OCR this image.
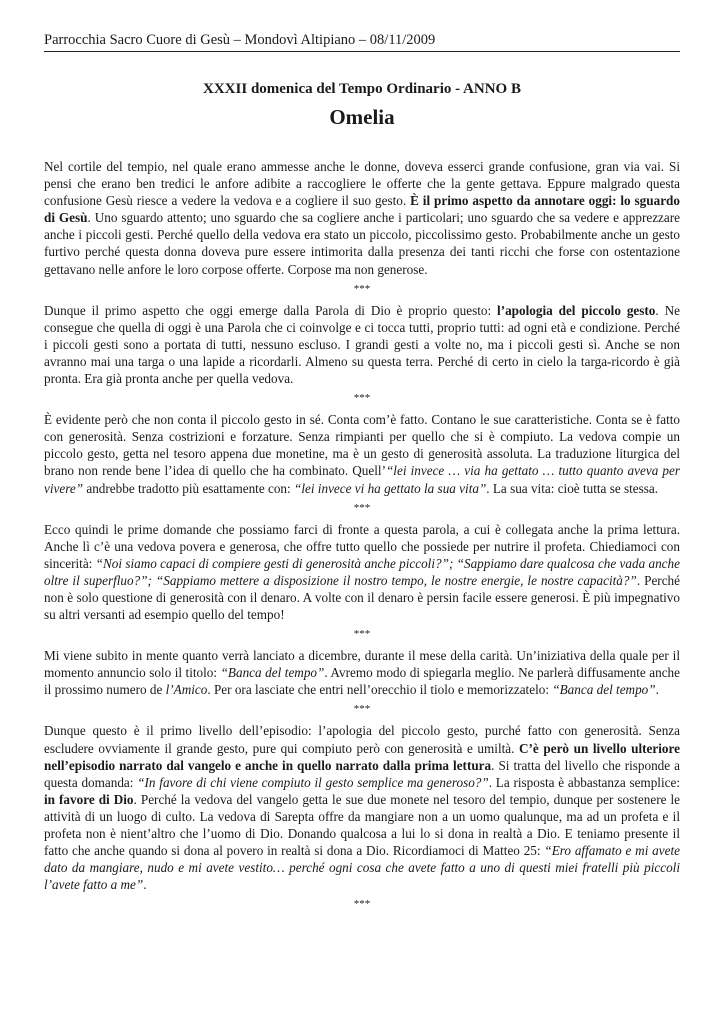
Parrocchia Sacro Cuore di Gesù – Mondovì Altipiano – 08/11/2009
XXXII domenica del Tempo Ordinario - ANNO B
Omelia

Nel cortile del tempio, nel quale erano ammesse anche le donne, doveva esserci grande confusione, gran via vai. Si pensi che erano ben tredici le anfore adibite a raccogliere le offerte che la gente gettava. Eppure malgrado questa confusione Gesù riesce a vedere la vedova e a cogliere il suo gesto. È il primo aspetto da annotare oggi: lo sguardo di Gesù. Uno sguardo attento; uno sguardo che sa cogliere anche i particolari; uno sguardo che sa vedere e apprezzare anche i piccoli gesti. Perché quello della vedova era stato un piccolo, piccolissimo gesto. Probabilmente anche un gesto furtivo perché questa donna doveva pure essere intimorita dalla presenza dei tanti ricchi che forse con ostentazione gettavano nelle anfore le loro corpose offerte. Corpose ma non generose.

***

Dunque il primo aspetto che oggi emerge dalla Parola di Dio è proprio questo: l’apologia del piccolo gesto. Ne consegue che quella di oggi è una Parola che ci coinvolge e ci tocca tutti, proprio tutti: ad ogni età e condizione. Perché i piccoli gesti sono a portata di tutti, nessuno escluso. I grandi gesti a volte no, ma i piccoli gesti sì. Anche se non avranno mai una targa o una lapide a ricordarli. Almeno su questa terra. Perché di certo in cielo la targa-ricordo è già pronta. Era già pronta anche per quella vedova.

***

È evidente però che non conta il piccolo gesto in sé. Conta com’è fatto. Contano le sue caratteristiche. Conta se è fatto con generosità. Senza costrizioni e forzature. Senza rimpianti per quello che si è compiuto. La vedova compie un piccolo gesto, getta nel tesoro appena due monetine, ma è un gesto di generosità assoluta. La traduzione liturgica del brano non rende bene l’idea di quello che ha combinato. Quell’“lei invece … via ha gettato … tutto quanto aveva per vivere” andrebbe tradotto più esattamente con: “lei invece vi ha gettato la sua vita”. La sua vita: cioè tutta se stessa.

***

Ecco quindi le prime domande che possiamo farci di fronte a questa parola, a cui è collegata anche la prima lettura. Anche lì c’è una vedova povera e generosa, che offre tutto quello che possiede per nutrire il profeta. Chiediamoci con sincerità: “Noi siamo capaci di compiere gesti di generosità anche piccoli?”; “Sappiamo dare qualcosa che vada anche oltre il superfluo?”; “Sappiamo mettere a disposizione il nostro tempo, le nostre energie, le nostre capacità?”. Perché non è solo questione di generosità con il denaro. A volte con il denaro è persin facile essere generosi. È più impegnativo su altri versanti ad esempio quello del tempo!

***

Mi viene subito in mente quanto verrà lanciato a dicembre, durante il mese della carità. Un’iniziativa della quale per il momento annuncio solo il titolo: “Banca del tempo”. Avremo modo di spiegarla meglio. Ne parlerà diffusamente anche il prossimo numero de l’Amico. Per ora lasciate che entri nell’orecchio il tiolo e memorizzatelo: “Banca del tempo”.

***

Dunque questo è il primo livello dell’episodio: l’apologia del piccolo gesto, purché fatto con generosità. Senza escludere ovviamente il grande gesto, pure qui compiuto però con generosità e umiltà. C’è però un livello ulteriore nell’episodio narrato dal vangelo e anche in quello narrato dalla prima lettura. Si tratta del livello che risponde a questa domanda: “In favore di chi viene compiuto il gesto semplice ma generoso?”. La risposta è abbastanza semplice: in favore di Dio. Perché la vedova del vangelo getta le sue due monete nel tesoro del tempio, dunque per sostenere le attività di un luogo di culto. La vedova di Sarepta offre da mangiare non a un uomo qualunque, ma ad un profeta e il profeta non è nient’altro che l’uomo di Dio. Donando qualcosa a lui lo si dona in realtà a Dio. E teniamo presente il fatto che anche quando si dona al povero in realtà si dona a Dio. Ricordiamoci di Matteo 25: “Ero affamato e mi avete dato da mangiare, nudo e mi avete vestito… perché ogni cosa che avete fatto a uno di questi miei fratelli più piccoli l’avete fatto a me”.

***
